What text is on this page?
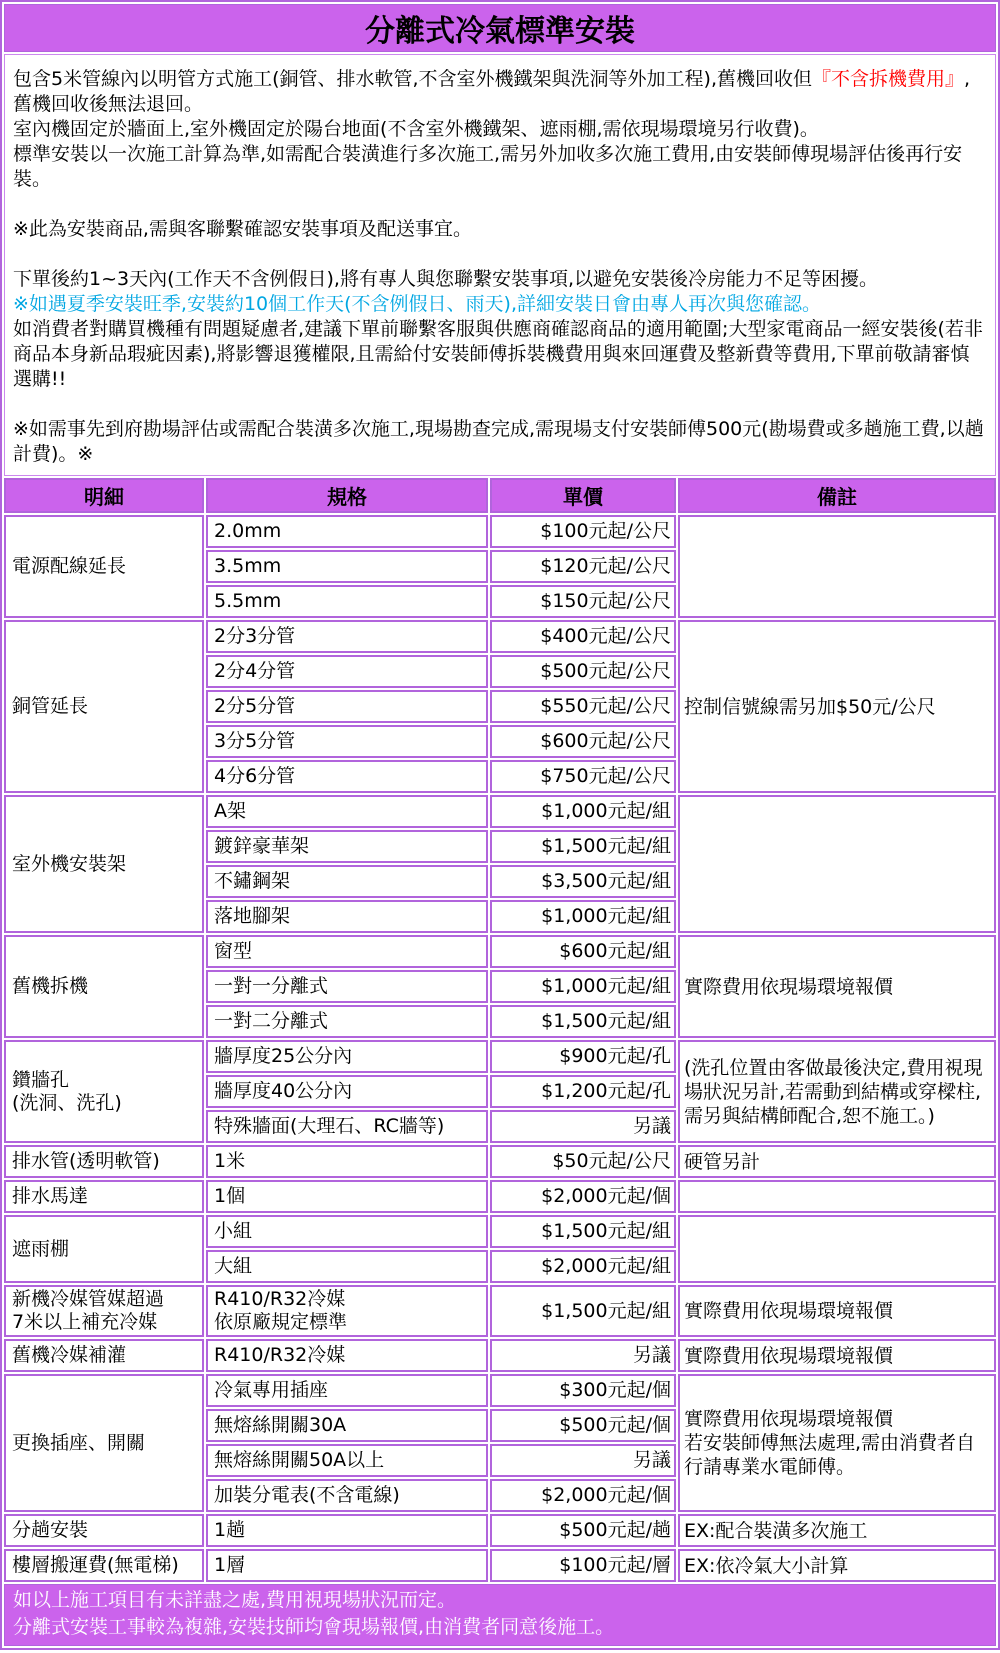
分離式冷氣標準安裝			

包含5米管線內以明管方式施工(銅管、排水軟管,不含室外機鐵架與洗洞等外加工程),舊機回收但『不含拆機費用』,舊機回收後無法退回。
室內機固定於牆面上,室外機固定於陽台地面(不含室外機鐵架、遮雨棚,需依現場環境另行收費)。
標準安裝以一次施工計算為準,如需配合裝潢進行多次施工,需另外加收多次施工費用,由安裝師傅現場評估後再行安裝。

※此為安裝商品,需與客聯繫確認安裝事項及配送事宜。

下單後約1~3天內(工作天不含例假日),將有專人與您聯繫安裝事項,以避免安裝後冷房能力不足等困擾。
※如遇夏季安裝旺季,安裝約10個工作天(不含例假日、雨天),詳細安裝日會由專人再次與您確認。
如消費者對購買機種有問題疑慮者,建議下單前聯繫客服與供應商確認商品的適用範圍;大型家電商品一經安裝後(若非商品本身新品瑕疵因素),將影響退獲權限,且需給付安裝師傅拆裝機費用與來回運費及整新費等費用,下單前敬請審慎選購!!

※如需事先到府勘場評估或需配合裝潢多次施工,現場勘查完成,需現場支付安裝師傅500元(勘場費或多趟施工費,以趟計費)。※

明細	規格	單價	備註

電源配線延長	2.0mm	$100元起/公尺	

	3.5mm	$120元起/公尺	

	5.5mm	$150元起/公尺	

銅管延長	2分3分管	$400元起/公尺	控制信號線需另加$50元/公尺

	2分4分管	$500元起/公尺	

	2分5分管	$550元起/公尺	

	3分5分管	$600元起/公尺	

	4分6分管	$750元起/公尺	

室外機安裝架	A架	$1,000元起/組	

	鍍鋅豪華架	$1,500元起/組	

	不鏽鋼架	$3,500元起/組	

	落地腳架	$1,000元起/組	

舊機拆機	窗型	$600元起/組	實際費用依現場環境報價

	一對一分離式	$1,000元起/組	

	一對二分離式	$1,500元起/組	

鑽牆孔
(洗洞、洗孔)	牆厚度25公分內	$900元起/孔	(洗孔位置由客做最後決定,費用視現場狀況另計,若需動到結構或穿樑柱,需另與結構師配合,恕不施工。)

	牆厚度40公分內	$1,200元起/孔	

	特殊牆面(大理石、RC牆等)	另議	

排水管(透明軟管)	1米	$50元起/公尺	硬管另計

排水馬達	1個	$2,000元起/個	

遮雨棚	小組	$1,500元起/組	

	大組	$2,000元起/組	

新機冷媒管媒超過
7米以上補充冷媒

R410/R32冷媒
依原廠規定標準
	$1,500元起/組	實際費用依現場環境報價

舊機冷媒補灌	R410/R32冷媒	另議	實際費用依現場環境報價

更換插座、開關	冷氣專用插座	$300元起/個	實際費用依現場環境報價
若安裝師傅無法處理,需由消費者自行請專業水電師傅。

	無熔絲開關30A	$500元起/個	

	無熔絲開關50A以上	另議	

	加裝分電表(不含電線)	$2,000元起/個	

分趟安裝	1趟	$500元起/趟	EX:配合裝潢多次施工

樓層搬運費(無電梯)	1層	$100元起/層	EX:依冷氣大小計算

如以上施工項目有未詳盡之處,費用視現場狀況而定。
分離式安裝工事較為複雜,安裝技師均會現場報價,由消費者同意後施工。			
